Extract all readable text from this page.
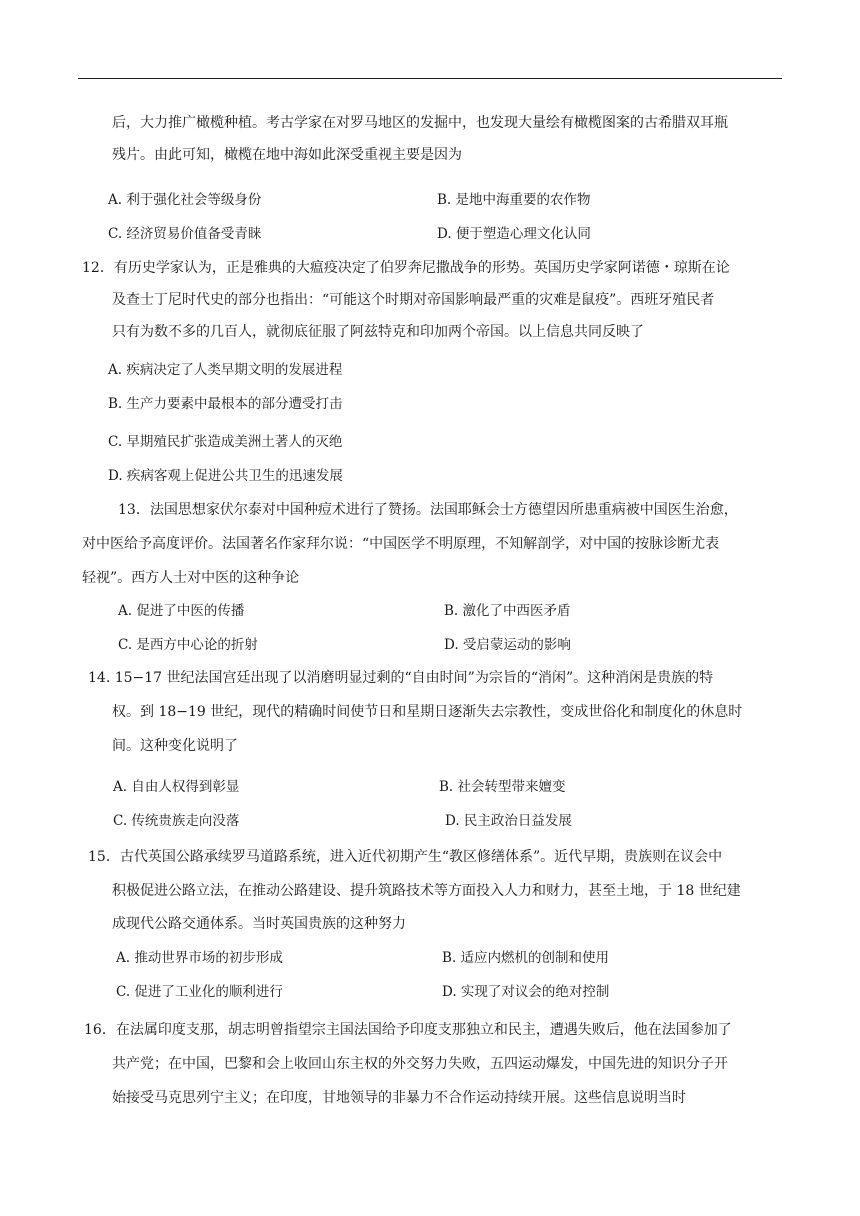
后，大力推广橄榄种植。考古学家在对罗马地区的发掘中，也发现大量绘有橄榄图案的古希腊双耳瓶
残片。由此可知，橄榄在地中海如此深受重视主要是因为
A. 利于强化社会等级身份	B. 是地中海重要的农作物
C. 经济贸易价值备受青睐	D. 便于塑造心理文化认同
12．有历史学家认为，正是雅典的大瘟疫决定了伯罗奔尼撒战争的形势。英国历史学家阿诺德・琼斯在论
及查士丁尼时代史的部分也指出：“可能这个时期对帝国影响最严重的灾难是鼠疫”。西班牙殖民者
只有为数不多的几百人，就彻底征服了阿兹特克和印加两个帝国。以上信息共同反映了
A. 疾病决定了人类早期文明的发展进程
B. 生产力要素中最根本的部分遭受打击
C. 早期殖民扩张造成美洲土著人的灭绝
D. 疾病客观上促进公共卫生的迅速发展
13．法国思想家伏尔泰对中国种痘术进行了赞扬。法国耶稣会士方德望因所患重病被中国医生治愈，
对中医给予高度评价。法国著名作家拜尔说：“中国医学不明原理，不知解剖学，对中国的按脉诊断尤表
轻视”。西方人士对中医的这种争论
A. 促进了中医的传播	B. 激化了中西医矛盾
C. 是西方中心论的折射	D. 受启蒙运动的影响
14. 15−17 世纪法国宫廷出现了以消磨明显过剩的“自由时间”为宗旨的“消闲”。这种消闲是贵族的特
权。到 18−19 世纪，现代的精确时间使节日和星期日逐渐失去宗教性，变成世俗化和制度化的休息时
间。这种变化说明了
A. 自由人权得到彰显	B. 社会转型带来嬗变
C. 传统贵族走向没落	D. 民主政治日益发展
15．古代英国公路承续罗马道路系统，进入近代初期产生“教区修缮体系”。近代早期，贵族则在议会中
积极促进公路立法，在推动公路建设、提升筑路技术等方面投入人力和财力，甚至土地，于 18 世纪建
成现代公路交通体系。当时英国贵族的这种努力
A. 推动世界市场的初步形成	B. 适应内燃机的创制和使用
C. 促进了工业化的顺利进行	D. 实现了对议会的绝对控制
16．在法属印度支那，胡志明曾指望宗主国法国给予印度支那独立和民主，遭遇失败后，他在法国参加了
共产党；在中国，巴黎和会上收回山东主权的外交努力失败，五四运动爆发，中国先进的知识分子开
始接受马克思列宁主义；在印度，甘地领导的非暴力不合作运动持续开展。这些信息说明当时
